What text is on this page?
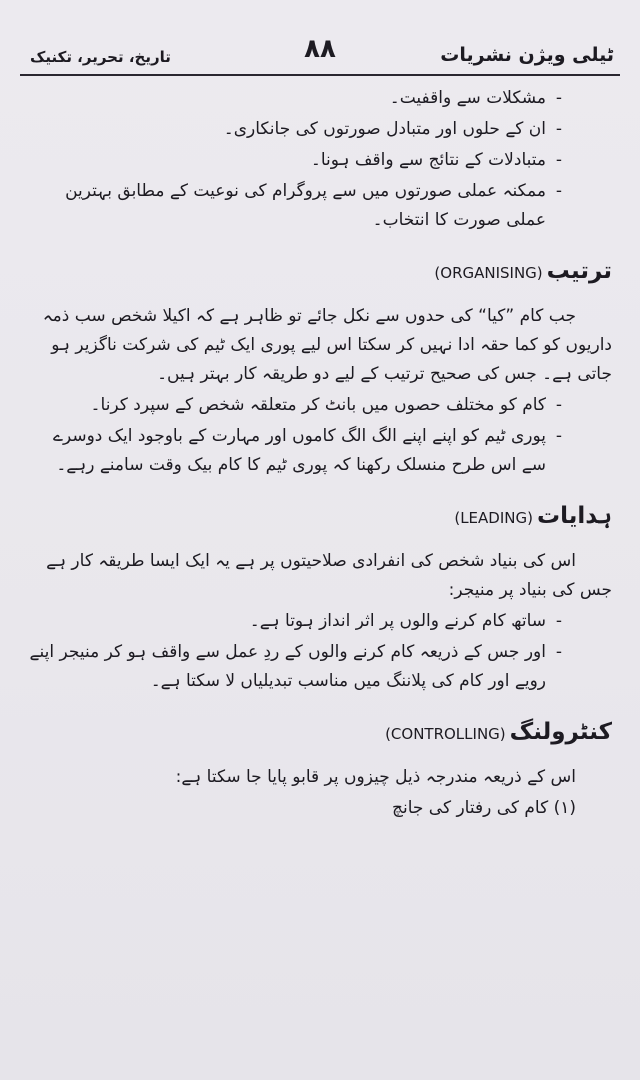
تاریخ، تحریر، تکنیک	۸۸	ٹیلی ویژن نشریات
-
مشکلات سے واقفیت۔
-
ان کے حلوں اور متبادل صورتوں کی جانکاری۔
-
متبادلات کے نتائج سے واقف ہونا۔
-
ممکنہ عملی صورتوں میں سے پروگرام کی نوعیت کے مطابق بہترین عملی صورت کا انتخاب۔
ترتیب
(ORGANISING)

جب کام ”کیا“ کی حدوں سے نکل جائے تو ظاہر ہے کہ اکیلا شخص سب ذمہ داریوں کو کما حقہ ادا نہیں کر سکتا اس لیے پوری ایک ٹیم کی شرکت ناگزیر ہو جاتی ہے۔ جس کی صحیح ترتیب کے لیے دو طریقہ کار بہتر ہیں۔

-
کام کو مختلف حصوں میں بانٹ کر متعلقہ شخص کے سپرد کرنا۔
-
پوری ٹیم کو اپنے اپنے الگ الگ کاموں اور مہارت کے باوجود ایک دوسرے سے اس طرح منسلک رکھنا کہ پوری ٹیم کا کام بیک وقت سامنے رہے۔
ہدایات
(LEADING)

اس کی بنیاد شخص کی انفرادی صلاحیتوں پر ہے یہ ایک ایسا طریقہ کار ہے جس کی بنیاد پر منیجر:

-
ساتھ کام کرنے والوں پر اثر انداز ہوتا ہے۔
-
اور جس کے ذریعہ کام کرنے والوں کے ردِ عمل سے واقف ہو کر منیجر اپنے رویے اور کام کی پلاننگ میں مناسب تبدیلیاں لا سکتا ہے۔
کنٹرولنگ
(CONTROLLING)

اس کے ذریعہ مندرجہ ذیل چیزوں پر قابو پایا جا سکتا ہے:

(۱) کام کی رفتار کی جانچ
